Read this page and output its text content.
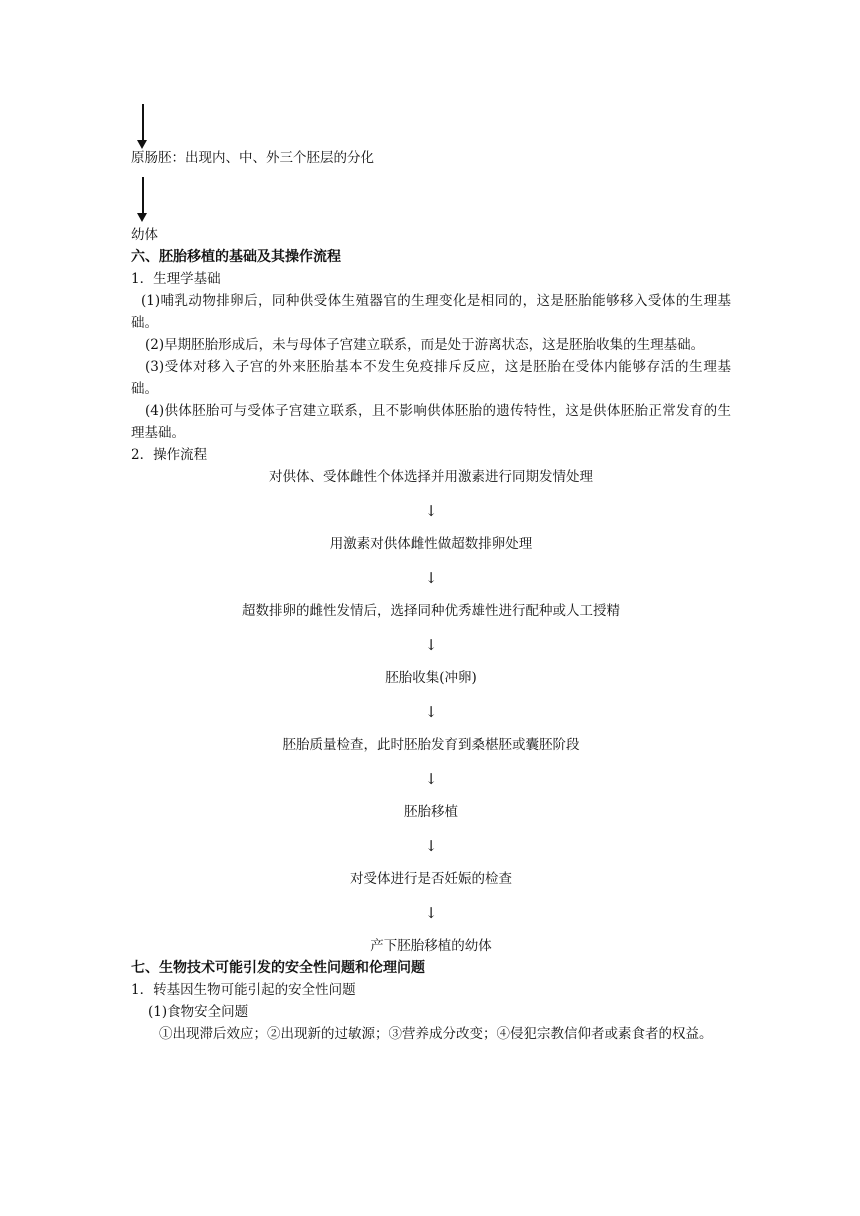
原肠胚：出现内、中、外三个胚层的分化
幼体
六、胚胎移植的基础及其操作流程
1．生理学基础
(1)哺乳动物排卵后，同种供受体生殖器官的生理变化是相同的，这是胚胎能够移入受体的生理基础。
(2)早期胚胎形成后，未与母体子宫建立联系，而是处于游离状态，这是胚胎收集的生理基础。
(3)受体对移入子宫的外来胚胎基本不发生免疫排斥反应，这是胚胎在受体内能够存活的生理基础。
(4)供体胚胎可与受体子宫建立联系，且不影响供体胚胎的遗传特性，这是供体胚胎正常发育的生理基础。
2．操作流程
对供体、受体雌性个体选择并用激素进行同期发情处理
↓
用激素对供体雌性做超数排卵处理
↓
超数排卵的雌性发情后，选择同种优秀雄性进行配种或人工授精
↓
胚胎收集(冲卵)
↓
胚胎质量检查，此时胚胎发育到桑椹胚或囊胚阶段
↓
胚胎移植
↓
对受体进行是否妊娠的检查
↓
产下胚胎移植的幼体
七、生物技术可能引发的安全性问题和伦理问题
1．转基因生物可能引起的安全性问题
(1)食物安全问题
①出现滞后效应；②出现新的过敏源；③营养成分改变；④侵犯宗教信仰者或素食者的权益。
